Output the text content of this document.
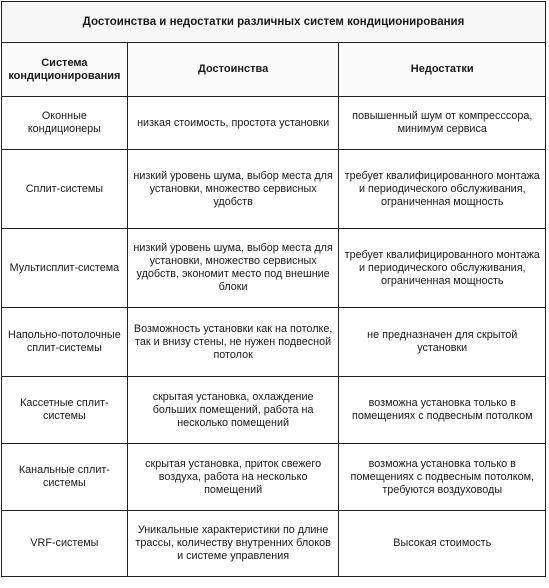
Достоинства и недостатки различных систем кондиционирования		
Система кондиционирования	Достоинства	Недостатки
Оконные кондиционеры	низкая стоимость, простота установки	повышенный шум от компресссора, минимум сервиса
Сплит-системы	низкий уровень шума, выбор места для установки, множество сервисных удобств	требует квалифицированного монтажа и периодического обслуживания, ограниченная мощность
Мультисплит-система	низкий уровень шума, выбор места для установки, множество сервисных удобств, экономит место под внешние блоки	требует квалифицированного монтажа и периодического обслуживания, ограниченная мощность
Напольно-потолочные сплит-системы	Возможность установки как на потолке, так и внизу стены, не нужен подвесной потолок	не предназначен для скрытой установки
Кассетные сплит-системы	скрытая установка, охлаждение больших помещений, работа на несколько помещений	возможна установка только в помещениях с подвесным потолком
Канальные сплит-системы	скрытая установка, приток свежего воздуха, работа на несколько помещений	возможна установка только в помещениях с подвесным потолком, требуются воздуховоды
VRF-системы	Уникальные характеристики по длине трассы, количеству внутренних блоков и системе управления	Высокая стоимость
